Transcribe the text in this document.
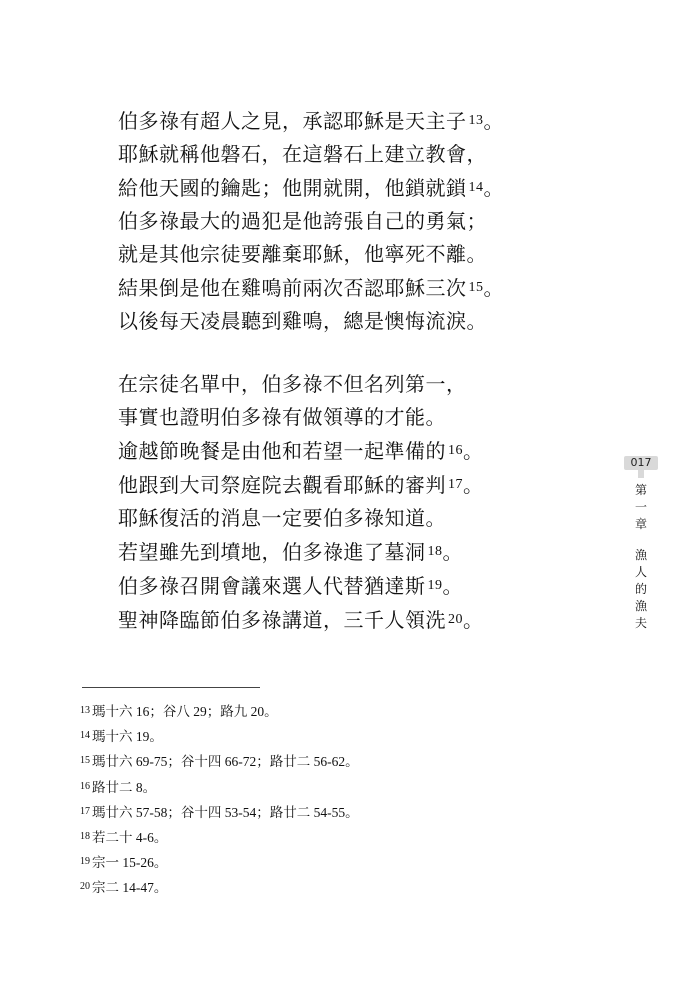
伯多祿有超人之見，承認耶穌是天主子 $^{13}$。
耶穌就稱他磐石，在這磐石上建立教會，
給他天國的鑰匙；他開就開，他鎖就鎖 $^{14}$。
伯多祿最大的過犯是他誇張自己的勇氣；
就是其他宗徒要離棄耶穌，他寧死不離。
結果倒是他在雞鳴前兩次否認耶穌三次 $^{15}$。
以後每天凌晨聽到雞鳴，總是懊悔流淚。
在宗徒名單中，伯多祿不但名列第一，
事實也證明伯多祿有做領導的才能。
逾越節晚餐是由他和若望一起準備的 $^{16}$。
他跟到大司祭庭院去觀看耶穌的審判 $^{17}$。
耶穌復活的消息一定要伯多祿知道。
若望雖先到墳地，伯多祿進了墓洞 $^{18}$。
伯多祿召開會議來選人代替猶達斯 $^{19}$。
聖神降臨節伯多祿講道，三千人領洗 $^{20}$。
$^{13}$ 瑪十六 16；谷八 29；路九 20。
$^{14}$ 瑪十六 19。
$^{15}$ 瑪廿六 69-75；谷十四 66-72；路廿二 56-62。
$^{16}$ 路廿二 8。
$^{17}$ 瑪廿六 57-58；谷十四 53-54；路廿二 54-55。
$^{18}$ 若二十 4-6。
$^{19}$ 宗一 15-26。
$^{20}$ 宗二 14-47。
017
第一章
漁人的漁夫
